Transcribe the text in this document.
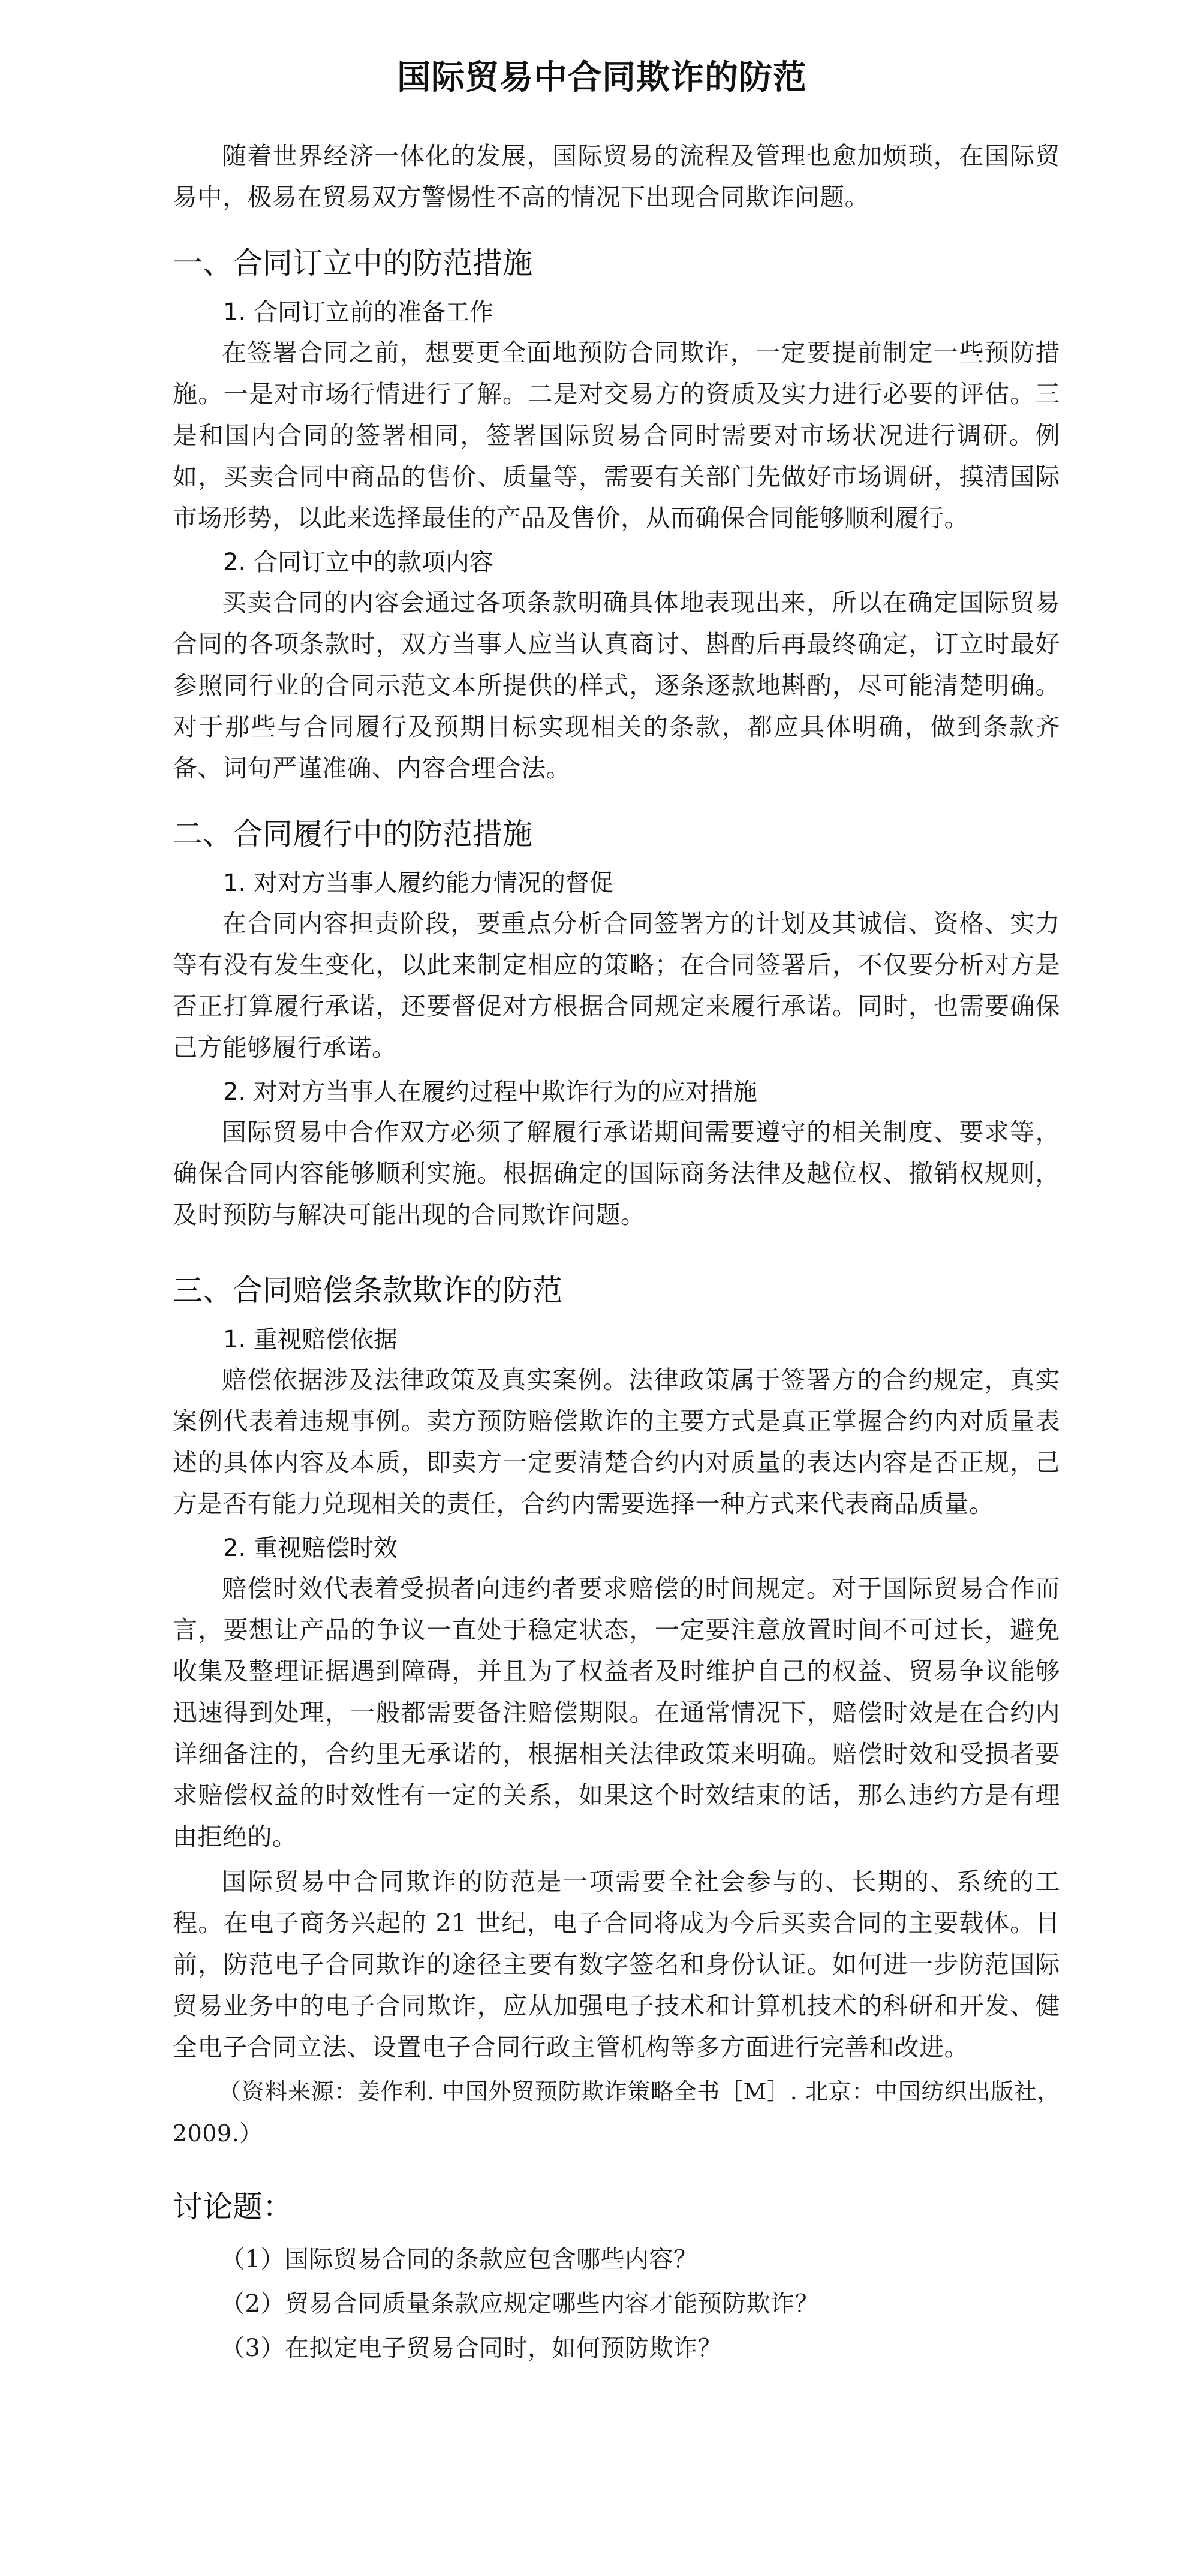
国际贸易中合同欺诈的防范

随着世界经济一体化的发展，国际贸易的流程及管理也愈加烦琐，在国际贸易中，极易在贸易双方警惕性不高的情况下出现合同欺诈问题。

一、合同订立中的防范措施
1. 合同订立前的准备工作

在签署合同之前，想要更全面地预防合同欺诈，一定要提前制定一些预防措施。一是对市场行情进行了解。二是对交易方的资质及实力进行必要的评估。三是和国内合同的签署相同，签署国际贸易合同时需要对市场状况进行调研。例如，买卖合同中商品的售价、质量等，需要有关部门先做好市场调研，摸清国际市场形势，以此来选择最佳的产品及售价，从而确保合同能够顺利履行。

2. 合同订立中的款项内容

买卖合同的内容会通过各项条款明确具体地表现出来，所以在确定国际贸易合同的各项条款时，双方当事人应当认真商讨、斟酌后再最终确定，订立时最好参照同行业的合同示范文本所提供的样式，逐条逐款地斟酌，尽可能清楚明确。对于那些与合同履行及预期目标实现相关的条款，都应具体明确，做到条款齐备、词句严谨准确、内容合理合法。

二、合同履行中的防范措施
1. 对对方当事人履约能力情况的督促

在合同内容担责阶段，要重点分析合同签署方的计划及其诚信、资格、实力等有没有发生变化，以此来制定相应的策略；在合同签署后，不仅要分析对方是否正打算履行承诺，还要督促对方根据合同规定来履行承诺。同时，也需要确保己方能够履行承诺。

2. 对对方当事人在履约过程中欺诈行为的应对措施

国际贸易中合作双方必须了解履行承诺期间需要遵守的相关制度、要求等，确保合同内容能够顺利实施。根据确定的国际商务法律及越位权、撤销权规则，及时预防与解决可能出现的合同欺诈问题。

三、合同赔偿条款欺诈的防范
1. 重视赔偿依据

赔偿依据涉及法律政策及真实案例。法律政策属于签署方的合约规定，真实案例代表着违规事例。卖方预防赔偿欺诈的主要方式是真正掌握合约内对质量表述的具体内容及本质，即卖方一定要清楚合约内对质量的表达内容是否正规，己方是否有能力兑现相关的责任，合约内需要选择一种方式来代表商品质量。

2. 重视赔偿时效

赔偿时效代表着受损者向违约者要求赔偿的时间规定。对于国际贸易合作而言，要想让产品的争议一直处于稳定状态，一定要注意放置时间不可过长，避免收集及整理证据遇到障碍，并且为了权益者及时维护自己的权益、贸易争议能够迅速得到处理，一般都需要备注赔偿期限。在通常情况下，赔偿时效是在合约内详细备注的，合约里无承诺的，根据相关法律政策来明确。赔偿时效和受损者要求赔偿权益的时效性有一定的关系，如果这个时效结束的话，那么违约方是有理由拒绝的。

国际贸易中合同欺诈的防范是一项需要全社会参与的、长期的、系统的工程。在电子商务兴起的 21 世纪，电子合同将成为今后买卖合同的主要载体。目前，防范电子合同欺诈的途径主要有数字签名和身份认证。如何进一步防范国际贸易业务中的电子合同欺诈，应从加强电子技术和计算机技术的科研和开发、健全电子合同立法、设置电子合同行政主管机构等多方面进行完善和改进。

（资料来源：姜作利. 中国外贸预防欺诈策略全书［M］. 北京：中国纺织出版社，2009.）

讨论题：

（1）国际贸易合同的条款应包含哪些内容？

（2）贸易合同质量条款应规定哪些内容才能预防欺诈？

（3）在拟定电子贸易合同时，如何预防欺诈？
